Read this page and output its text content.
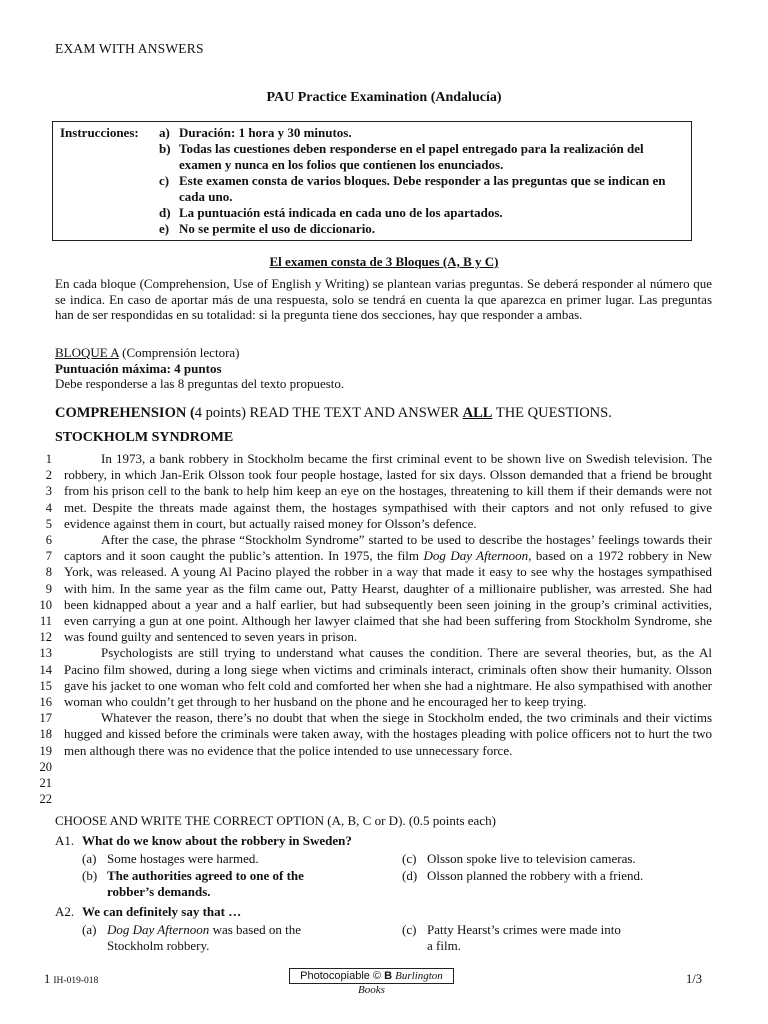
EXAM WITH ANSWERS
PAU Practice Examination (Andalucía)
Instrucciones: a) Duración: 1 hora y 30 minutos.
b) Todas las cuestiones deben responderse en el papel entregado para la realización del examen y nunca en los folios que contienen los enunciados.
c) Este examen consta de varios bloques. Debe responder a las preguntas que se indican en cada uno.
d) La puntuación está indicada en cada uno de los apartados.
e) No se permite el uso de diccionario.
El examen consta de 3 Bloques (A, B y C)
En cada bloque (Comprehension, Use of English y Writing) se plantean varias preguntas. Se deberá responder al número que se indica. En caso de aportar más de una respuesta, solo se tendrá en cuenta la que aparezca en primer lugar. Las preguntas han de ser respondidas en su totalidad: si la pregunta tiene dos secciones, hay que responder a ambas.
BLOQUE A (Comprensión lectora)
Puntuación máxima: 4 puntos
Debe responderse a las 8 preguntas del texto propuesto.
COMPREHENSION (4 points) READ THE TEXT AND ANSWER ALL THE QUESTIONS.
STOCKHOLM SYNDROME
1
2
3
4
5
6
7
8
9
10
11
12
13
14
15
16
17
18
19
20
21
22

In 1973, a bank robbery in Stockholm became the first criminal event to be shown live on Swedish television. The robbery, in which Jan-Erik Olsson took four people hostage, lasted for six days. Olsson demanded that a friend be brought from his prison cell to the bank to help him keep an eye on the hostages, threatening to kill them if their demands were not met. Despite the threats made against them, the hostages sympathised with their captors and not only refused to give evidence against them in court, but actually raised money for Olsson’s defence.

After the case, the phrase “Stockholm Syndrome” started to be used to describe the hostages’ feelings towards their captors and it soon caught the public’s attention. In 1975, the film Dog Day Afternoon, based on a 1972 robbery in New York, was released. A young Al Pacino played the robber in a way that made it easy to see why the hostages sympathised with him. In the same year as the film came out, Patty Hearst, daughter of a millionaire publisher, was arrested. She had been kidnapped about a year and a half earlier, but had subsequently been seen joining in the group’s criminal activities, even carrying a gun at one point. Although her lawyer claimed that she had been suffering from Stockholm Syndrome, she was found guilty and sentenced to seven years in prison.

Psychologists are still trying to understand what causes the condition. There are several theories, but, as the Al Pacino film showed, during a long siege when victims and criminals interact, criminals often show their humanity. Olsson gave his jacket to one woman who felt cold and comforted her when she had a nightmare. He also sympathised with another woman who couldn’t get through to her husband on the phone and he encouraged her to keep trying.

Whatever the reason, there’s no doubt that when the siege in Stockholm ended, the two criminals and their victims hugged and kissed before the criminals were taken away, with the hostages pleading with police officers not to hurt the two men although there was no evidence that the police intended to use unnecessary force.

CHOOSE AND WRITE THE CORRECT OPTION (A, B, C or D). (0.5 points each)
A1. What do we know about the robbery in Sweden?
(a) Some hostages were harmed.
(b) The authorities agreed to one of the robber’s demands.
(c) Olsson spoke live to television cameras.
(d) Olsson planned the robbery with a friend.
A2. We can definitely say that …
(a) Dog Day Afternoon was based on the Stockholm robbery.
(c) Patty Hearst’s crimes were made into a film.
1 IH-019-018	Photocopiable © B Burlington Books
1/3
